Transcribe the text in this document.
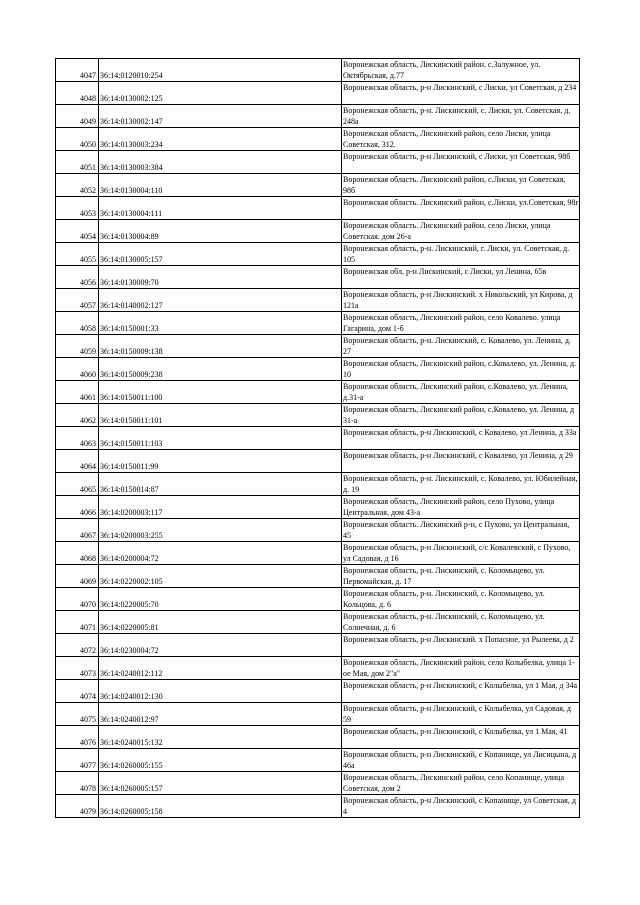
4047	36:14:0120010:254	Воронежская область, Лискинский район. с.Залужное, ул. Октябрьская, д.77
4048	36:14:0130002:125	Воронежская область, р-н Лискинский, с Лиски, ул Советская, д 234
4049	36:14:0130002:147	Воронежская область, р-н. Лискинский, с. Лиски, ул. Советская, д. 248а
4050	36:14:0130003:234	Воронежская область, Лискинский район, село Лиски, улица Советская, 312.
4051	36:14:0130003:384	Воронежская область, р-н Лискинский, с Лиски, ул Советская, 98б
4052	36:14:0130004:110	Воронежская область. Лискинский район, с.Лиски, ул Советская, 98б
4053	36:14:0130004:111	Воронежская область. Лискинский район, с.Лиски, ул.Советская, 98г
4054	36:14:0130004:89	Воронежская область. Лискинский район. село Лиски, улица Советская. дом 26-а
4055	36:14:0130005:157	Воронежская область, р-н. Лискинский, г. Лиски, ул. Советская, д. 105
4056	36:14:0130009:70	Воронежская обл, р-н Лискинский, с Лиски, ул Ленина, 65в
4057	36:14:0140002:127	Воронежская область, р-н Лискинский. х Никольский, ул Кирова, д 121а
4058	36:14:0150001:33	Воронежская область, Лискинский район, село Ковалево. улица Гагарина, дом 1-б
4059	36:14:0150009:138	Воронежская область, р-н. Лискинский, с. Ковалево, ул. Ленина, д. 27
4060	36:14:0150009:238	Воронежская область, Лискинский район, с.Ковалево, ул. Ленина, д. 10
4061	36:14:0150011:100	Воронежская область, Лискинский район, с.Ковалево, ул. Ленина, д.31-а
4062	36:14:0150011:101	Воронежская область, Лискинский район, с.Ковалево, ул. Ленина, д 31-а
4063	36:14:0150011:103	Воронежская область, р-н Лискинский, с Ковалево, ул Ленина, д 33а
4064	36:14:0150011:99	Воронежская область, р-н Лискинский, с Ковалево, ул Ленина, д 29
4065	36:14:0150014:87	Воронежская область, р-н. Лискинский, с. Ковалево, ул. Юбилейная, д. 19
4066	36:14:0200003:117	Воронежская область, Лискинский район, село Пухово, улица Центральная, дом 43-а
4067	36:14:0200003:255	Воронежская область. Лискинский р-н, с Пухово, ул Центральная, 45
4068	36:14:0200004:72	Воронежская область, р-н Лискинский, с/с Ковалевский, с Пухово, ул Садовая, д 16
4069	36:14:0220002:105	Воронежская область, р-н. Лискинский, с. Коломыцево, ул. Первомайская, д. 17
4070	36:14:0220005:70	Воронежская область, р-н. Лискинский, с. Коломыцево, ул. Кольцова, д. 6
4071	36:14:0220005:81	Воронежская область, р-н. Лискинский, с. Коломыцево, ул. Солнечная, д. 6
4072	36:14:0230004:72	Воронежская область, р-н Лискинский. х Попасное, ул Рылеева, д 2
4073	36:14:0240012:112	Воронежская область, Лискинский район, село Колыбелка, улица 1-ое Мая, дом 2"а"
4074	36:14:0240012:130	Воронежская область, р-н Лискинский, с Колыбелка, ул 1 Мая, д 34а
4075	36:14:0240012:97	Воронежская область, р-н Лискинский, с Колыбелка, ул Садовая, д 59
4076	36:14:0240015:132	Воронежская область, р-н Лискинский, с Колыбелка, ул 1 Мая, 41
4077	36:14:0260005:155	Воронежская область, р-н Лискинский, с Копанище, ул Лисицына, д 46а
4078	36:14:0260005:157	Воронежская область, Лискинский район, село Копанище, улица Советская, дом 2
4079	36:14:0260005:158	Воронежская область, р-н Лискинский, с Копанище, ул Советская, д 4
